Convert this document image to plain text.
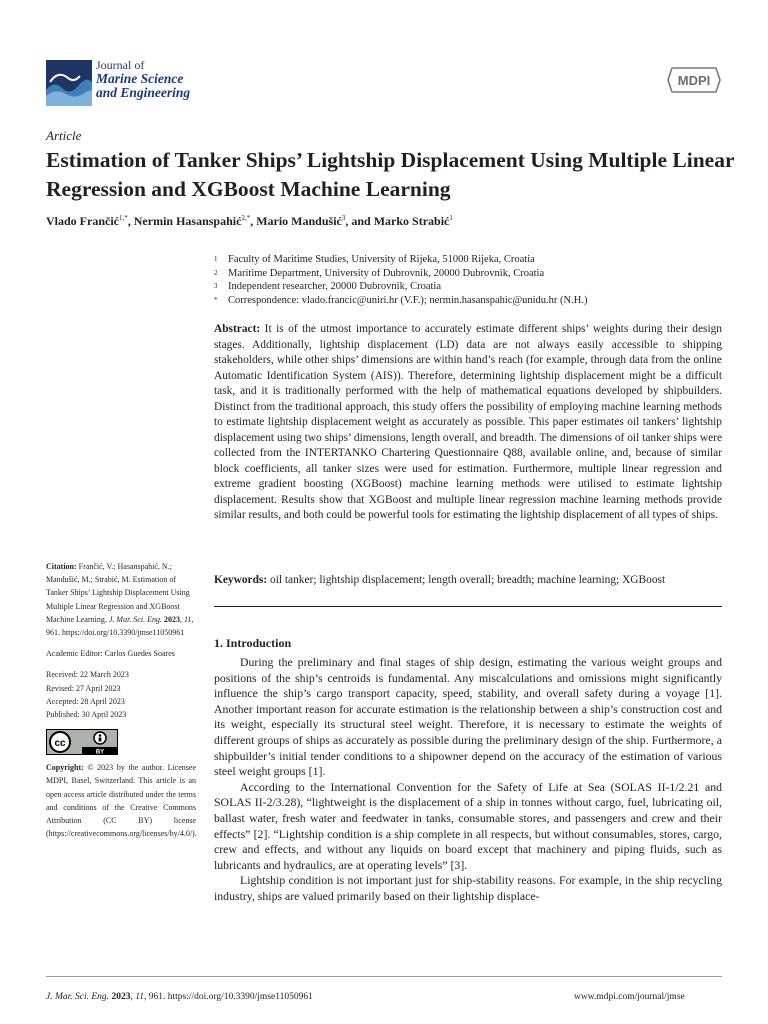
Journal of
Marine Science
and Engineering
MDPI
Article
Estimation of Tanker Ships’ Lightship Displacement Using Multiple Linear Regression and XGBoost Machine Learning
Vlado Frančić$^{1,*}$, Nermin Hasanspahić$^{2,*}$, Mario Mandušić$^3$, and Marko Strabić$^1$
1	Faculty of Maritime Studies, University of Rijeka, 51000 Rijeka, Croatia
2	Maritime Department, University of Dubrovnik, 20000 Dubrovnik, Croatia
3	Independent researcher, 20000 Dubrovnik, Croatia
*	Correspondence: vlado.francic@uniri.hr (V.F.); nermin.hasanspahic@unidu.hr (N.H.)
Abstract: It is of the utmost importance to accurately estimate different ships’ weights during their design stages. Additionally, lightship displacement (LD) data are not always easily accessible to shipping stakeholders, while other ships’ dimensions are within hand’s reach (for example, through data from the online Automatic Identification System (AIS)). Therefore, determining lightship displacement might be a difficult task, and it is traditionally performed with the help of mathematical equations developed by shipbuilders. Distinct from the traditional approach, this study offers the possibility of employing machine learning methods to estimate lightship displacement weight as accurately as possible. This paper estimates oil tankers’ lightship displacement using two ships’ dimensions, length overall, and breadth. The dimensions of oil tanker ships were collected from the INTERTANKO Chartering Questionnaire Q88, available online, and, because of similar block coefficients, all tanker sizes were used for estimation. Furthermore, multiple linear regression and extreme gradient boosting (XGBoost) machine learning methods were utilised to estimate lightship displacement. Results show that XGBoost and multiple linear regression machine learning methods provide similar results, and both could be powerful tools for estimating the lightship displacement of all types of ships.
Keywords: oil tanker; lightship displacement; length overall; breadth; machine learning; XGBoost
1. Introduction

During the preliminary and final stages of ship design, estimating the various weight groups and positions of the ship’s centroids is fundamental. Any miscalculations and omissions might significantly influence the ship’s cargo transport capacity, speed, stability, and overall safety during a voyage [1]. Another important reason for accurate estimation is the relationship between a ship’s construction cost and its weight, especially its structural steel weight. Therefore, it is necessary to estimate the weights of different groups of ships as accurately as possible during the preliminary design of the ship. Furthermore, a shipbuilder’s initial tender conditions to a shipowner depend on the accuracy of the estimation of various steel weight groups [1].

According to the International Convention for the Safety of Life at Sea (SOLAS II-1/2.21 and SOLAS II-2/3.28), “lightweight is the displacement of a ship in tonnes without cargo, fuel, lubricating oil, ballast water, fresh water and feedwater in tanks, consumable stores, and passengers and crew and their effects” [2]. “Lightship condition is a ship complete in all respects, but without consumables, stores, cargo, crew and effects, and without any liquids on board except that machinery and piping fluids, such as lubricants and hydraulics, are at operating levels” [3].

Lightship condition is not important just for ship-stability reasons. For example, in the ship recycling industry, ships are valued primarily based on their lightship displace-

Citation: Frančić, V.; Hasanspahić, N.; Mandušić, M.; Strabić, M. Estimation of Tanker Ships’ Lightship Displacement Using Multiple Linear Regression and XGBoost Machine Learning. J. Mar. Sci. Eng. 2023, 11, 961. https://doi.org/10.3390/jmse11050961
Academic Editor: Carlos Guedes Soares
Received: 22 March 2023
Revised: 27 April 2023
Accepted: 28 April 2023
Published: 30 April 2023
cc
BY
Copyright: © 2023 by the author. Licensee MDPI, Basel, Switzerland. This article is an open access article distributed under the terms and conditions of the Creative Commons Attribution (CC BY) license (https://creativecommons.org/licenses/by/4.0/).
J. Mar. Sci. Eng. 2023, 11, 961. https://doi.org/10.3390/jmse11050961	www.mdpi.com/journal/jmse
